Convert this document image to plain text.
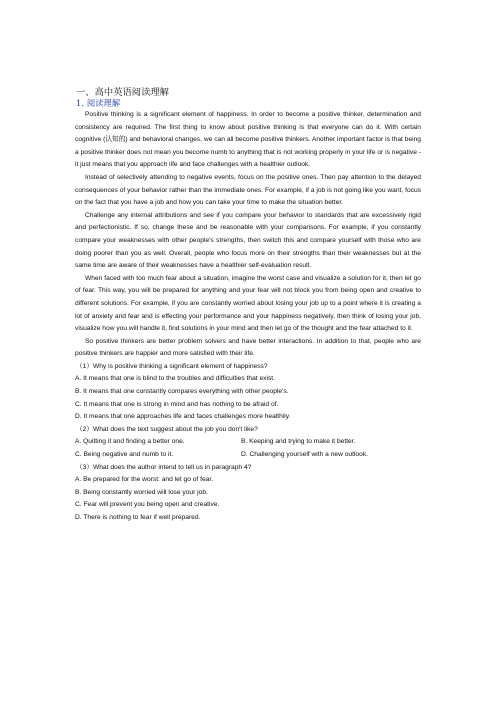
一、高中英语阅读理解
1. 阅读理解

Positive thinking is a significant element of happiness. In order to become a positive thinker, determination and consistency are required. The first thing to know about positive thinking is that everyone can do it. With certain cognitive (认知的) and behavioral changes, we can all become positive thinkers. Another important factor is that being a positive thinker does not mean you become numb to anything that is not working properly in your life or is negative - it just means that you approach life and face challenges with a healthier outlook.

Instead of selectively attending to negative events, focus on the positive ones. Then pay attention to the delayed consequences of your behavior rather than the immediate ones. For example, if a job is not going like you want, focus on the fact that you have a job and how you can take your time to make the situation better.

Challenge any internal attributions and see if you compare your behavior to standards that are excessively rigid and perfectionistic. If so, change these and be reasonable with your comparisons. For example, if you constantly compare your weaknesses with other people's strengths, then switch this and compare yourself with those who are doing poorer than you as well. Overall, people who focus more on their strengths than their weaknesses but at the same time are aware of their weaknesses have a healthier self-evaluation result.

When faced with too much fear about a situation, imagine the worst case and visualize a solution for it, then let go of fear. This way, you will be prepared for anything and your fear will not block you from being open and creative to different solutions. For example, if you are constantly worried about losing your job up to a point where it is creating a lot of anxiety and fear and is effecting your performance and your happiness negatively, then think of losing your job, visualize how you will handle it, find solutions in your mind and then let go of the thought and the fear attached to it.

So positive thinkers are better problem solvers and have better interactions. In addition to that, people who are positive thinkers are happier and more satisfied with their life.

（1）Why is positive thinking a significant element of happiness?

A. It means that one is blind to the troubles and difficulties that exist.

B. It means that one constantly compares everything with other people's.

C. It means that one is strong in mind and has nothing to be afraid of.

D. It means that one approaches life and faces challenges more healthily.

（2）What does the text suggest about the job you don't like?

A. Quitting it and finding a better one.	B. Keeping and trying to make it better.
C. Being negative and numb to it.	D. Challenging yourself with a new outlook.

（3）What does the author intend to tell us in paragraph 4?

A. Be prepared for the worst: and let go of fear.

B. Being constantly worried will lose your job.

C. Fear will prevent you being open and creative.

D. There is nothing to fear if well prepared.
